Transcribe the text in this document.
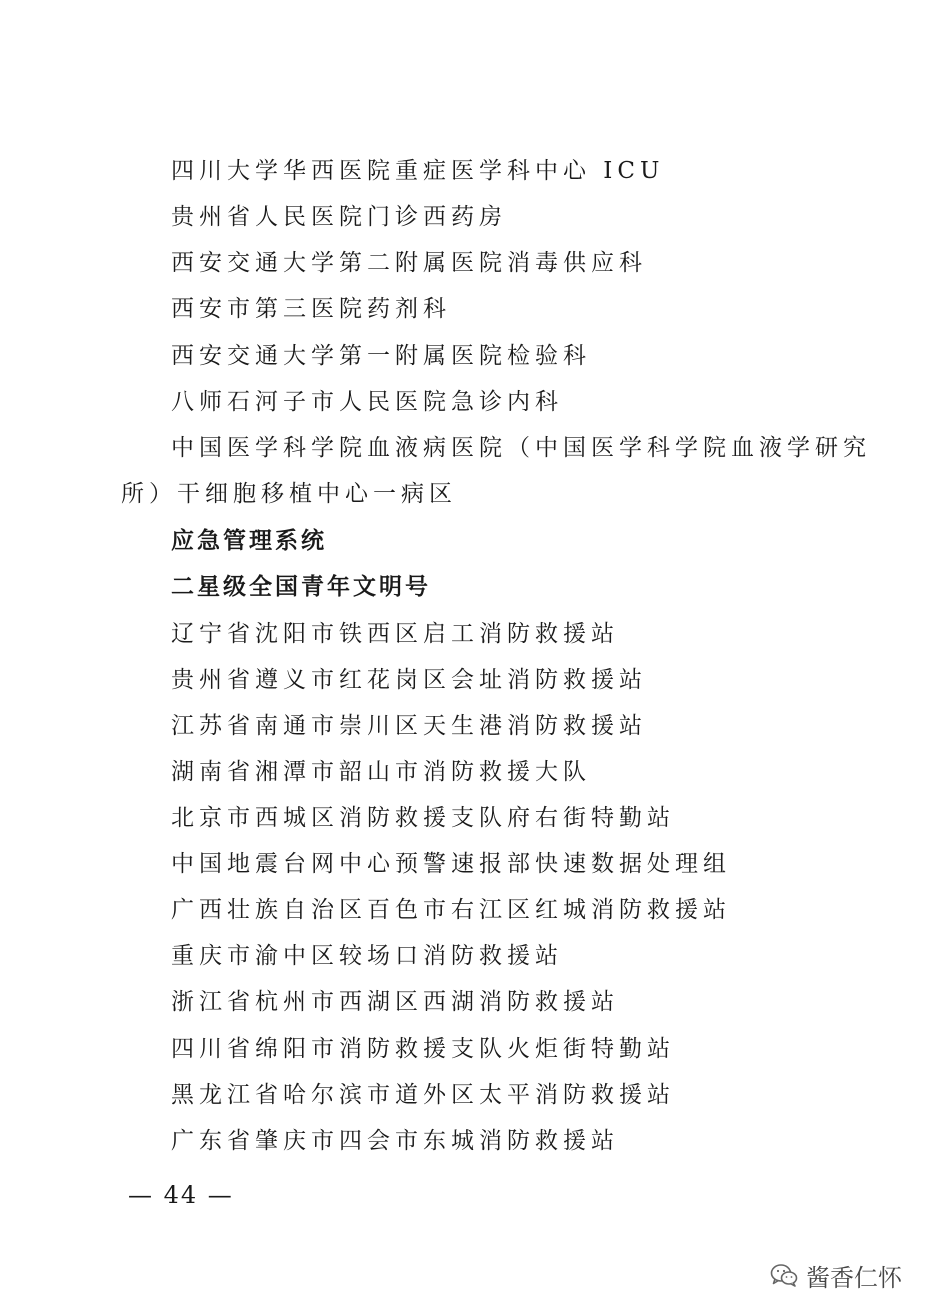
四川大学华西医院重症医学科中心 ICU
贵州省人民医院门诊西药房
西安交通大学第二附属医院消毒供应科
西安市第三医院药剂科
西安交通大学第一附属医院检验科
八师石河子市人民医院急诊内科
中国医学科学院血液病医院（中国医学科学院血液学研究
所）干细胞移植中心一病区
应急管理系统
二星级全国青年文明号
辽宁省沈阳市铁西区启工消防救援站
贵州省遵义市红花岗区会址消防救援站
江苏省南通市崇川区天生港消防救援站
湖南省湘潭市韶山市消防救援大队
北京市西城区消防救援支队府右街特勤站
中国地震台网中心预警速报部快速数据处理组
广西壮族自治区百色市右江区红城消防救援站
重庆市渝中区较场口消防救援站
浙江省杭州市西湖区西湖消防救援站
四川省绵阳市消防救援支队火炬街特勤站
黑龙江省哈尔滨市道外区太平消防救援站
广东省肇庆市四会市东城消防救援站
— 44 —
酱香仁怀
